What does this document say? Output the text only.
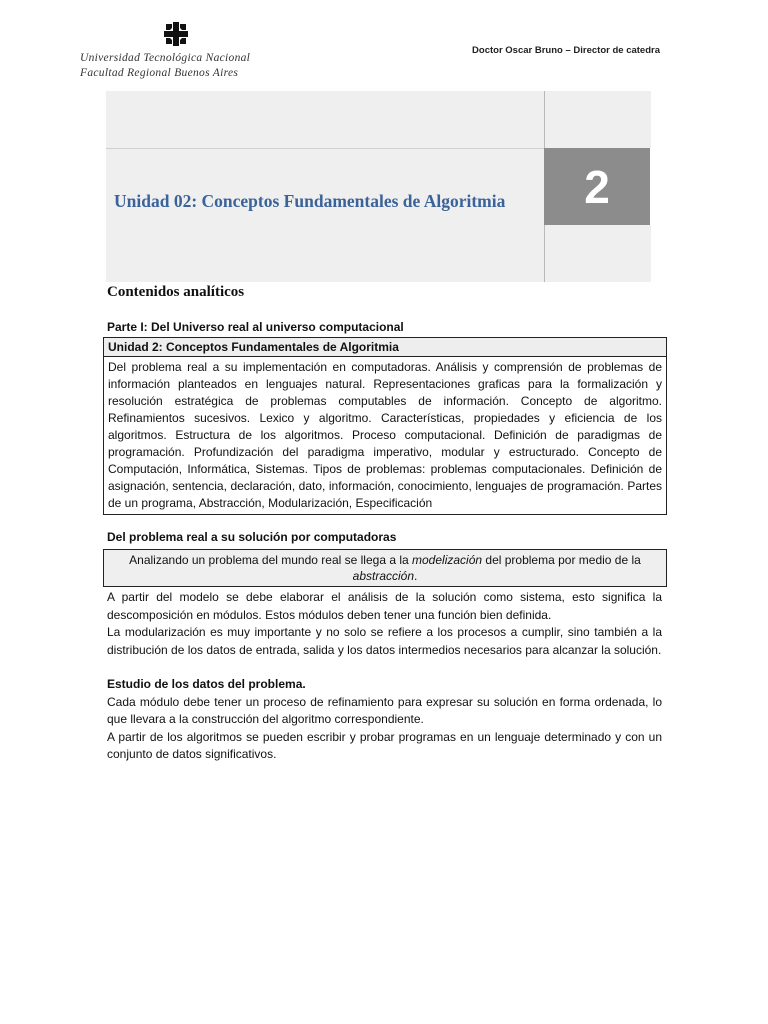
Universidad Tecnológica Nacional
Facultad Regional Buenos Aires
Doctor Oscar Bruno – Director de catedra
2
Unidad 02: Conceptos Fundamentales de Algoritmia
Contenidos analíticos
Parte I: Del Universo real al universo computacional
Unidad 2: Conceptos Fundamentales de Algoritmia
Del problema real a su implementación en computadoras. Análisis y comprensión de problemas de información planteados en lenguajes natural. Representaciones graficas para la formalización y resolución estratégica de problemas computables de información. Concepto de algoritmo. Refinamientos sucesivos. Lexico y algoritmo. Características, propiedades y eficiencia de los algoritmos. Estructura de los algoritmos. Proceso computacional. Definición de paradigmas de programación. Profundización del paradigma imperativo, modular y estructurado. Concepto de Computación, Informática, Sistemas. Tipos de problemas: problemas computacionales. Definición de asignación, sentencia, declaración, dato, información, conocimiento, lenguajes de programación. Partes de un programa, Abstracción, Modularización, Especificación
Del problema real a su solución por computadoras
Analizando un problema del mundo real se llega a la modelización del problema por medio de la abstracción.

A partir del modelo se debe elaborar el análisis de la solución como sistema, esto significa la descomposición en módulos. Estos módulos deben tener una función bien definida.

La modularización es muy importante y no solo se refiere a los procesos a cumplir, sino también a la distribución de los datos de entrada, salida y los datos intermedios necesarios para alcanzar la solución.

Estudio de los datos del problema.

Cada módulo debe tener un proceso de refinamiento para expresar su solución en forma ordenada, lo que llevara a la construcción del algoritmo correspondiente.

A partir de los algoritmos se pueden escribir y probar programas en un lenguaje determinado y con un conjunto de datos significativos.
